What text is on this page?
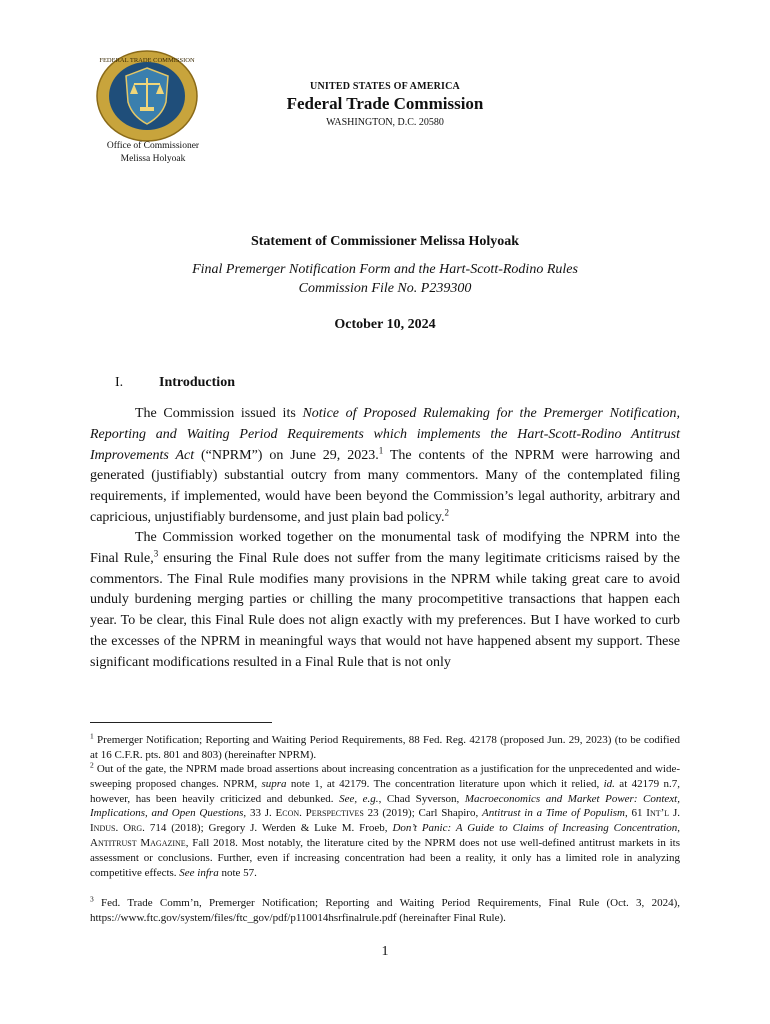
FEDERAL TRADE COMMISSION
UNITED STATES OF AMERICA
Federal Trade Commission
WASHINGTON, D.C. 20580
Office of Commissioner
Melissa Holyoak
Statement of Commissioner Melissa Holyoak
Final Premerger Notification Form and the Hart-Scott-Rodino Rules
Commission File No. P239300
October 10, 2024
I.	Introduction
The Commission issued its Notice of Proposed Rulemaking for the Premerger Notification, Reporting and Waiting Period Requirements which implements the Hart-Scott-Rodino Antitrust Improvements Act (“NPRM”) on June 29, 2023.$^1$ The contents of the NPRM were harrowing and generated (justifiably) substantial outcry from many commentors. Many of the contemplated filing requirements, if implemented, would have been beyond the Commission’s legal authority, arbitrary and capricious, unjustifiably burdensome, and just plain bad policy.$^2$
The Commission worked together on the monumental task of modifying the NPRM into the Final Rule,$^3$ ensuring the Final Rule does not suffer from the many legitimate criticisms raised by the commentors. The Final Rule modifies many provisions in the NPRM while taking great care to avoid unduly burdening merging parties or chilling the many procompetitive transactions that happen each year. To be clear, this Final Rule does not align exactly with my preferences. But I have worked to curb the excesses of the NPRM in meaningful ways that would not have happened absent my support. These significant modifications resulted in a Final Rule that is not only
$^1$ Premerger Notification; Reporting and Waiting Period Requirements, 88 Fed. Reg. 42178 (proposed Jun. 29, 2023) (to be codified at 16 C.F.R. pts. 801 and 803) (hereinafter NPRM).
$^2$ Out of the gate, the NPRM made broad assertions about increasing concentration as a justification for the unprecedented and wide-sweeping proposed changes. NPRM, supra note 1, at 42179. The concentration literature upon which it relied, id. at 42179 n.7, however, has been heavily criticized and debunked. See, e.g., Chad Syverson, Macroeconomics and Market Power: Context, Implications, and Open Questions, 33 J. Econ. Perspectives 23 (2019); Carl Shapiro, Antitrust in a Time of Populism, 61 Int’l J. Indus. Org. 714 (2018); Gregory J. Werden & Luke M. Froeb, Don’t Panic: A Guide to Claims of Increasing Concentration, Antitrust Magazine, Fall 2018. Most notably, the literature cited by the NPRM does not use well-defined antitrust markets in its assessment or conclusions. Further, even if increasing concentration had been a reality, it only has a limited role in analyzing competitive effects. See infra note 57.
$^3$ Fed. Trade Comm’n, Premerger Notification; Reporting and Waiting Period Requirements, Final Rule (Oct. 3, 2024), https://www.ftc.gov/system/files/ftc_gov/pdf/p110014hsrfinalrule.pdf (hereinafter Final Rule).
1
